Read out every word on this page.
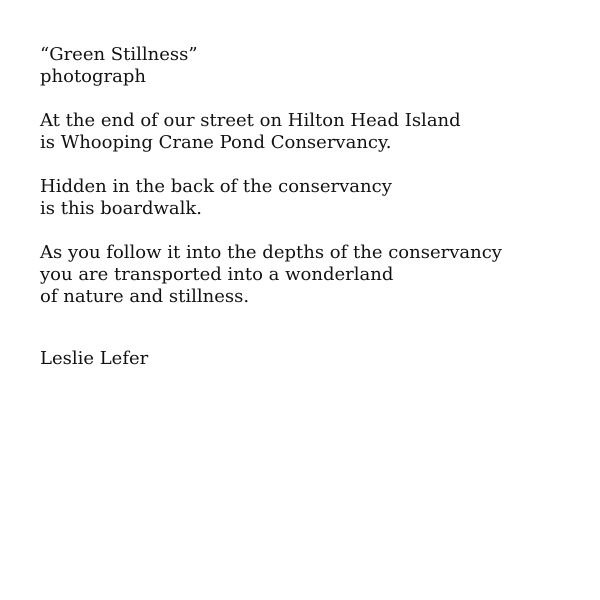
“Green Stillness”
photograph
At the end of our street on Hilton Head Island
is Whooping Crane Pond Conservancy.
Hidden in the back of the conservancy
is this boardwalk.
As you follow it into the depths of the conservancy
you are transported into a wonderland
of nature and stillness.
Leslie Lefer
